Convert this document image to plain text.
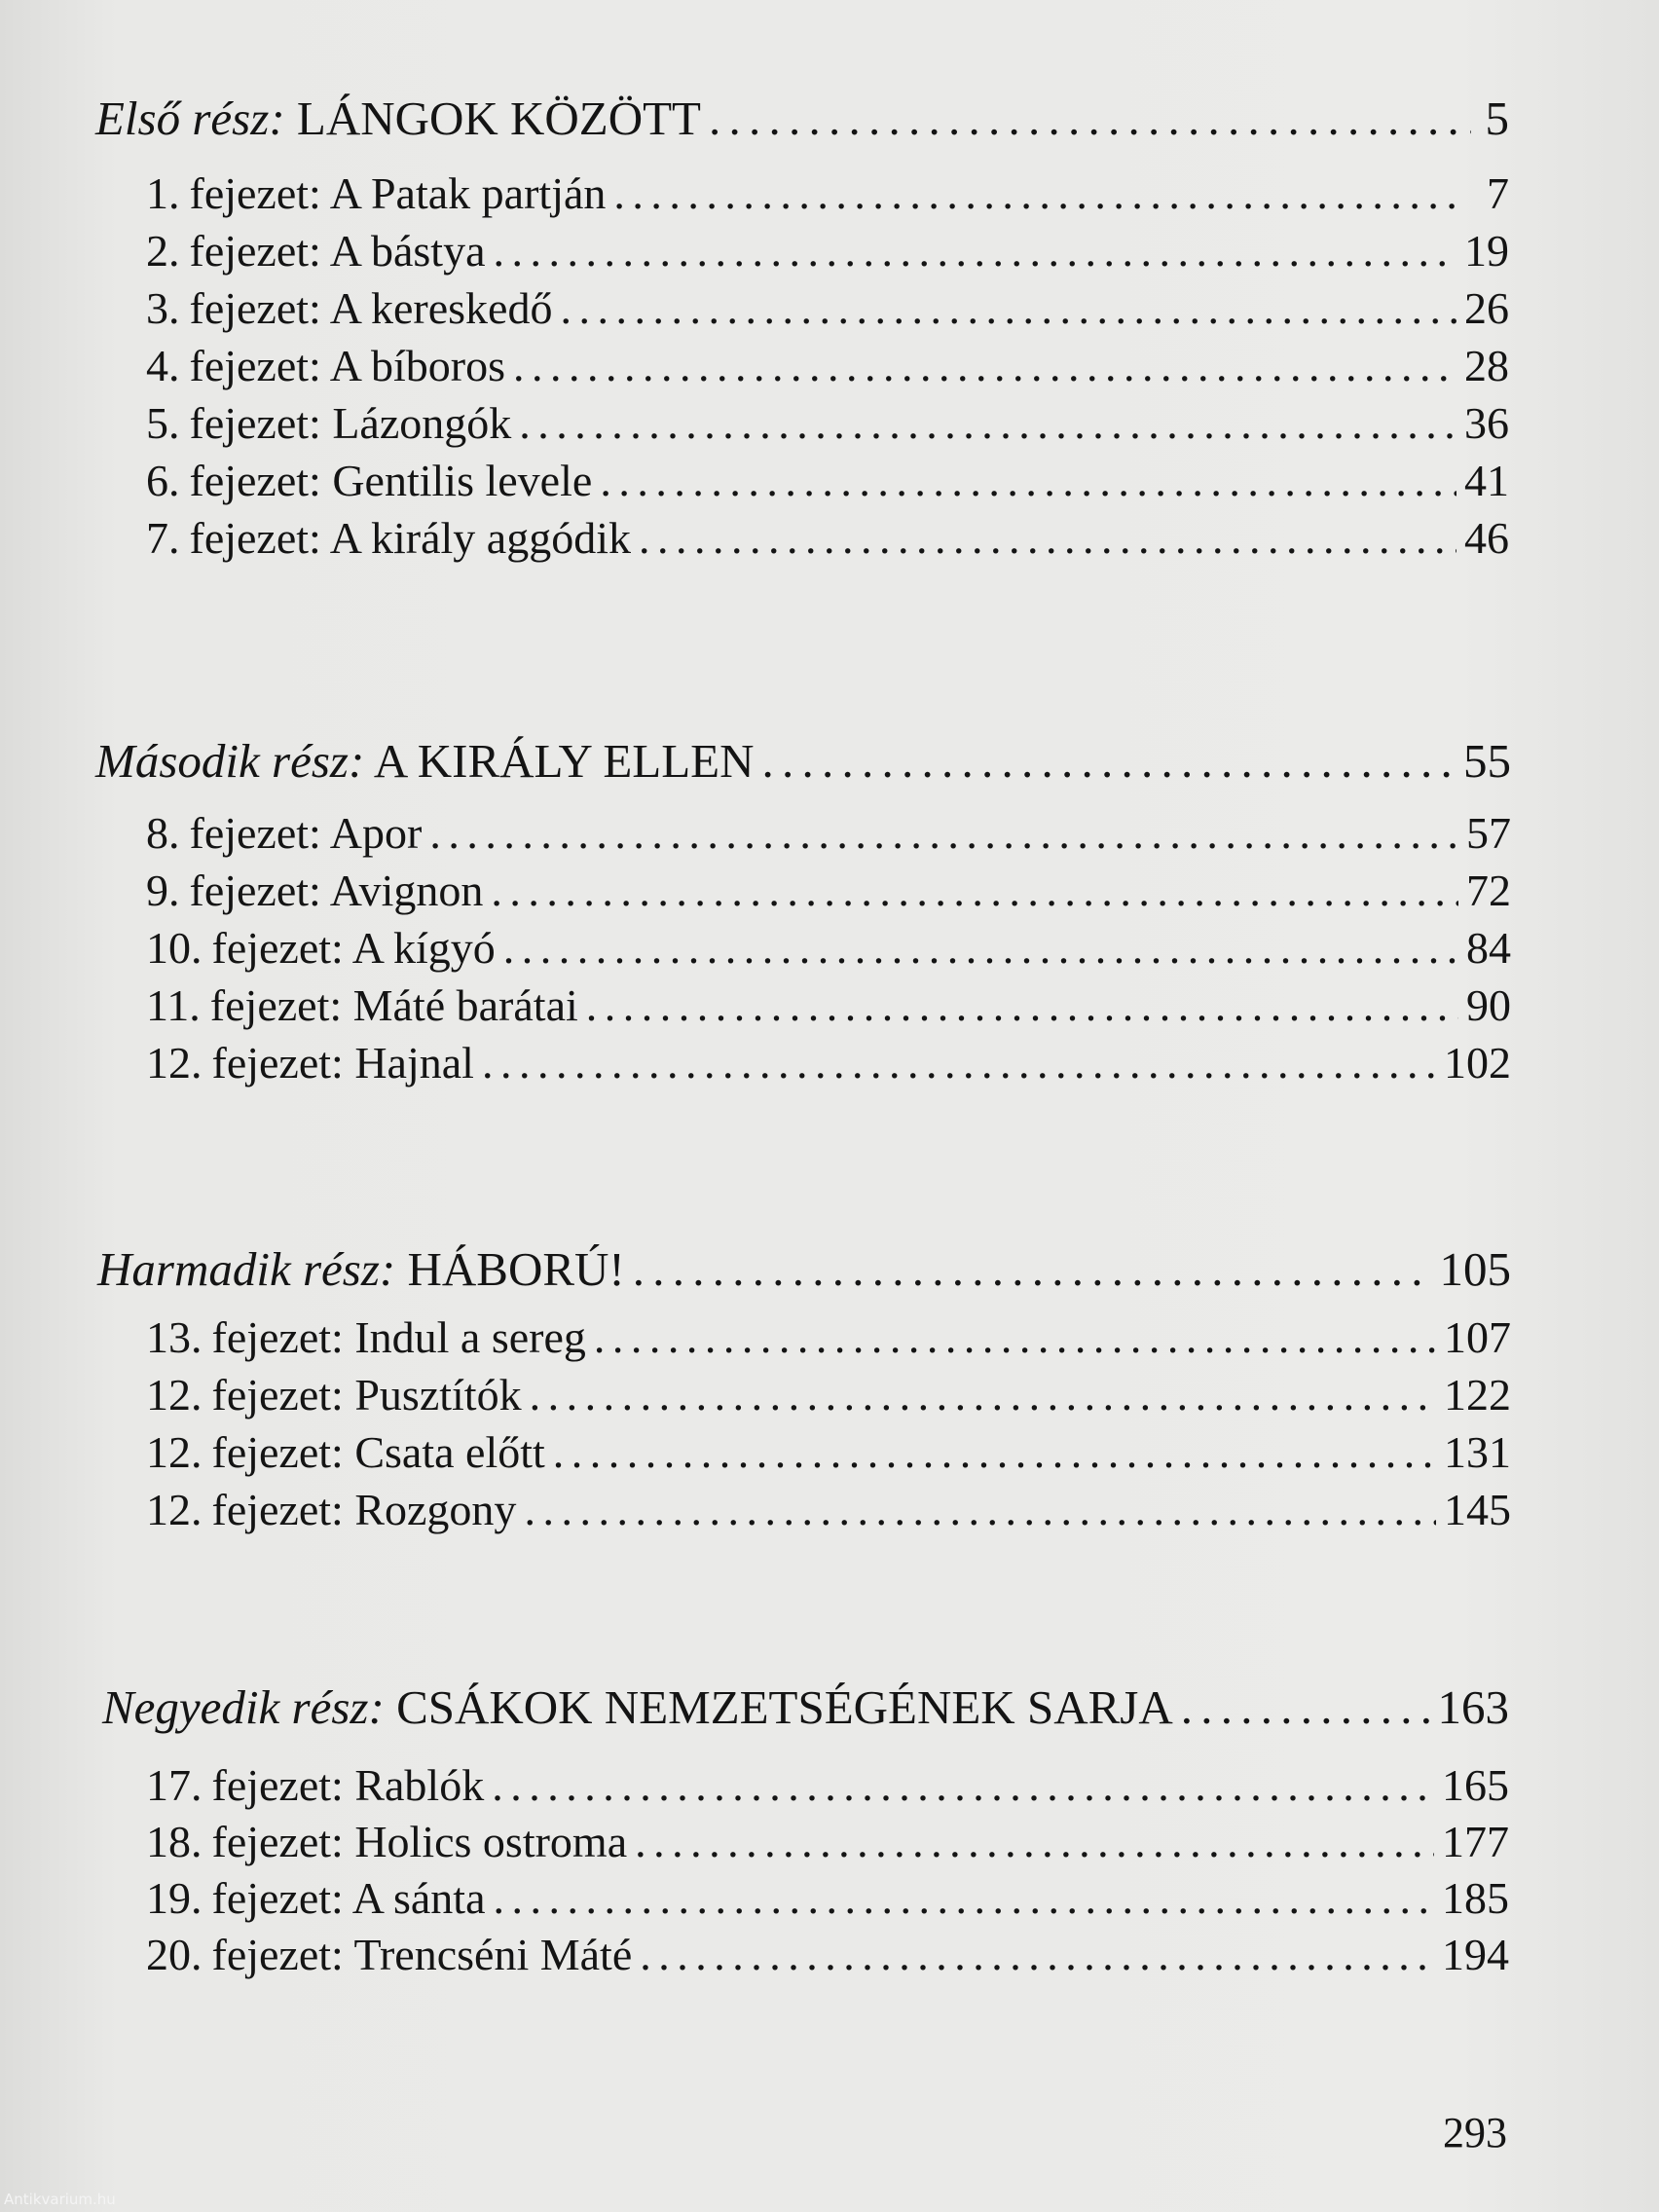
Első rész: LÁNGOK KÖZÖTT . . .	5
1. fejezet: A Patak partján . . .	7
2. fejezet: A bástya . . .	19
3. fejezet: A kereskedő . . .	26
4. fejezet: A bíboros . . .	28
5. fejezet: Lázongók . . .	36
6. fejezet: Gentilis levele . . .	41
7. fejezet: A király aggódik . . .	46
Második rész: A KIRÁLY ELLEN . . .	55
8. fejezet: Apor . . .	57
9. fejezet: Avignon . . .	72
10. fejezet: A kígyó . . .	84
11. fejezet: Máté barátai . . .	90
12. fejezet: Hajnal . . .	102
Harmadik rész: HÁBORÚ! . . .	105
13. fejezet: Indul a sereg . . .	107
12. fejezet: Pusztítók . . .	122
12. fejezet: Csata előtt . . .	131
12. fejezet: Rozgony . . .	145
Negyedik rész: CSÁKOK NEMZETSÉGÉNEK SARJA . . .	163
17. fejezet: Rablók . . .	165
18. fejezet: Holics ostroma . . .	177
19. fejezet: A sánta . . .	185
20. fejezet: Trencséni Máté . . .	194
293
Antikvarium.hu
